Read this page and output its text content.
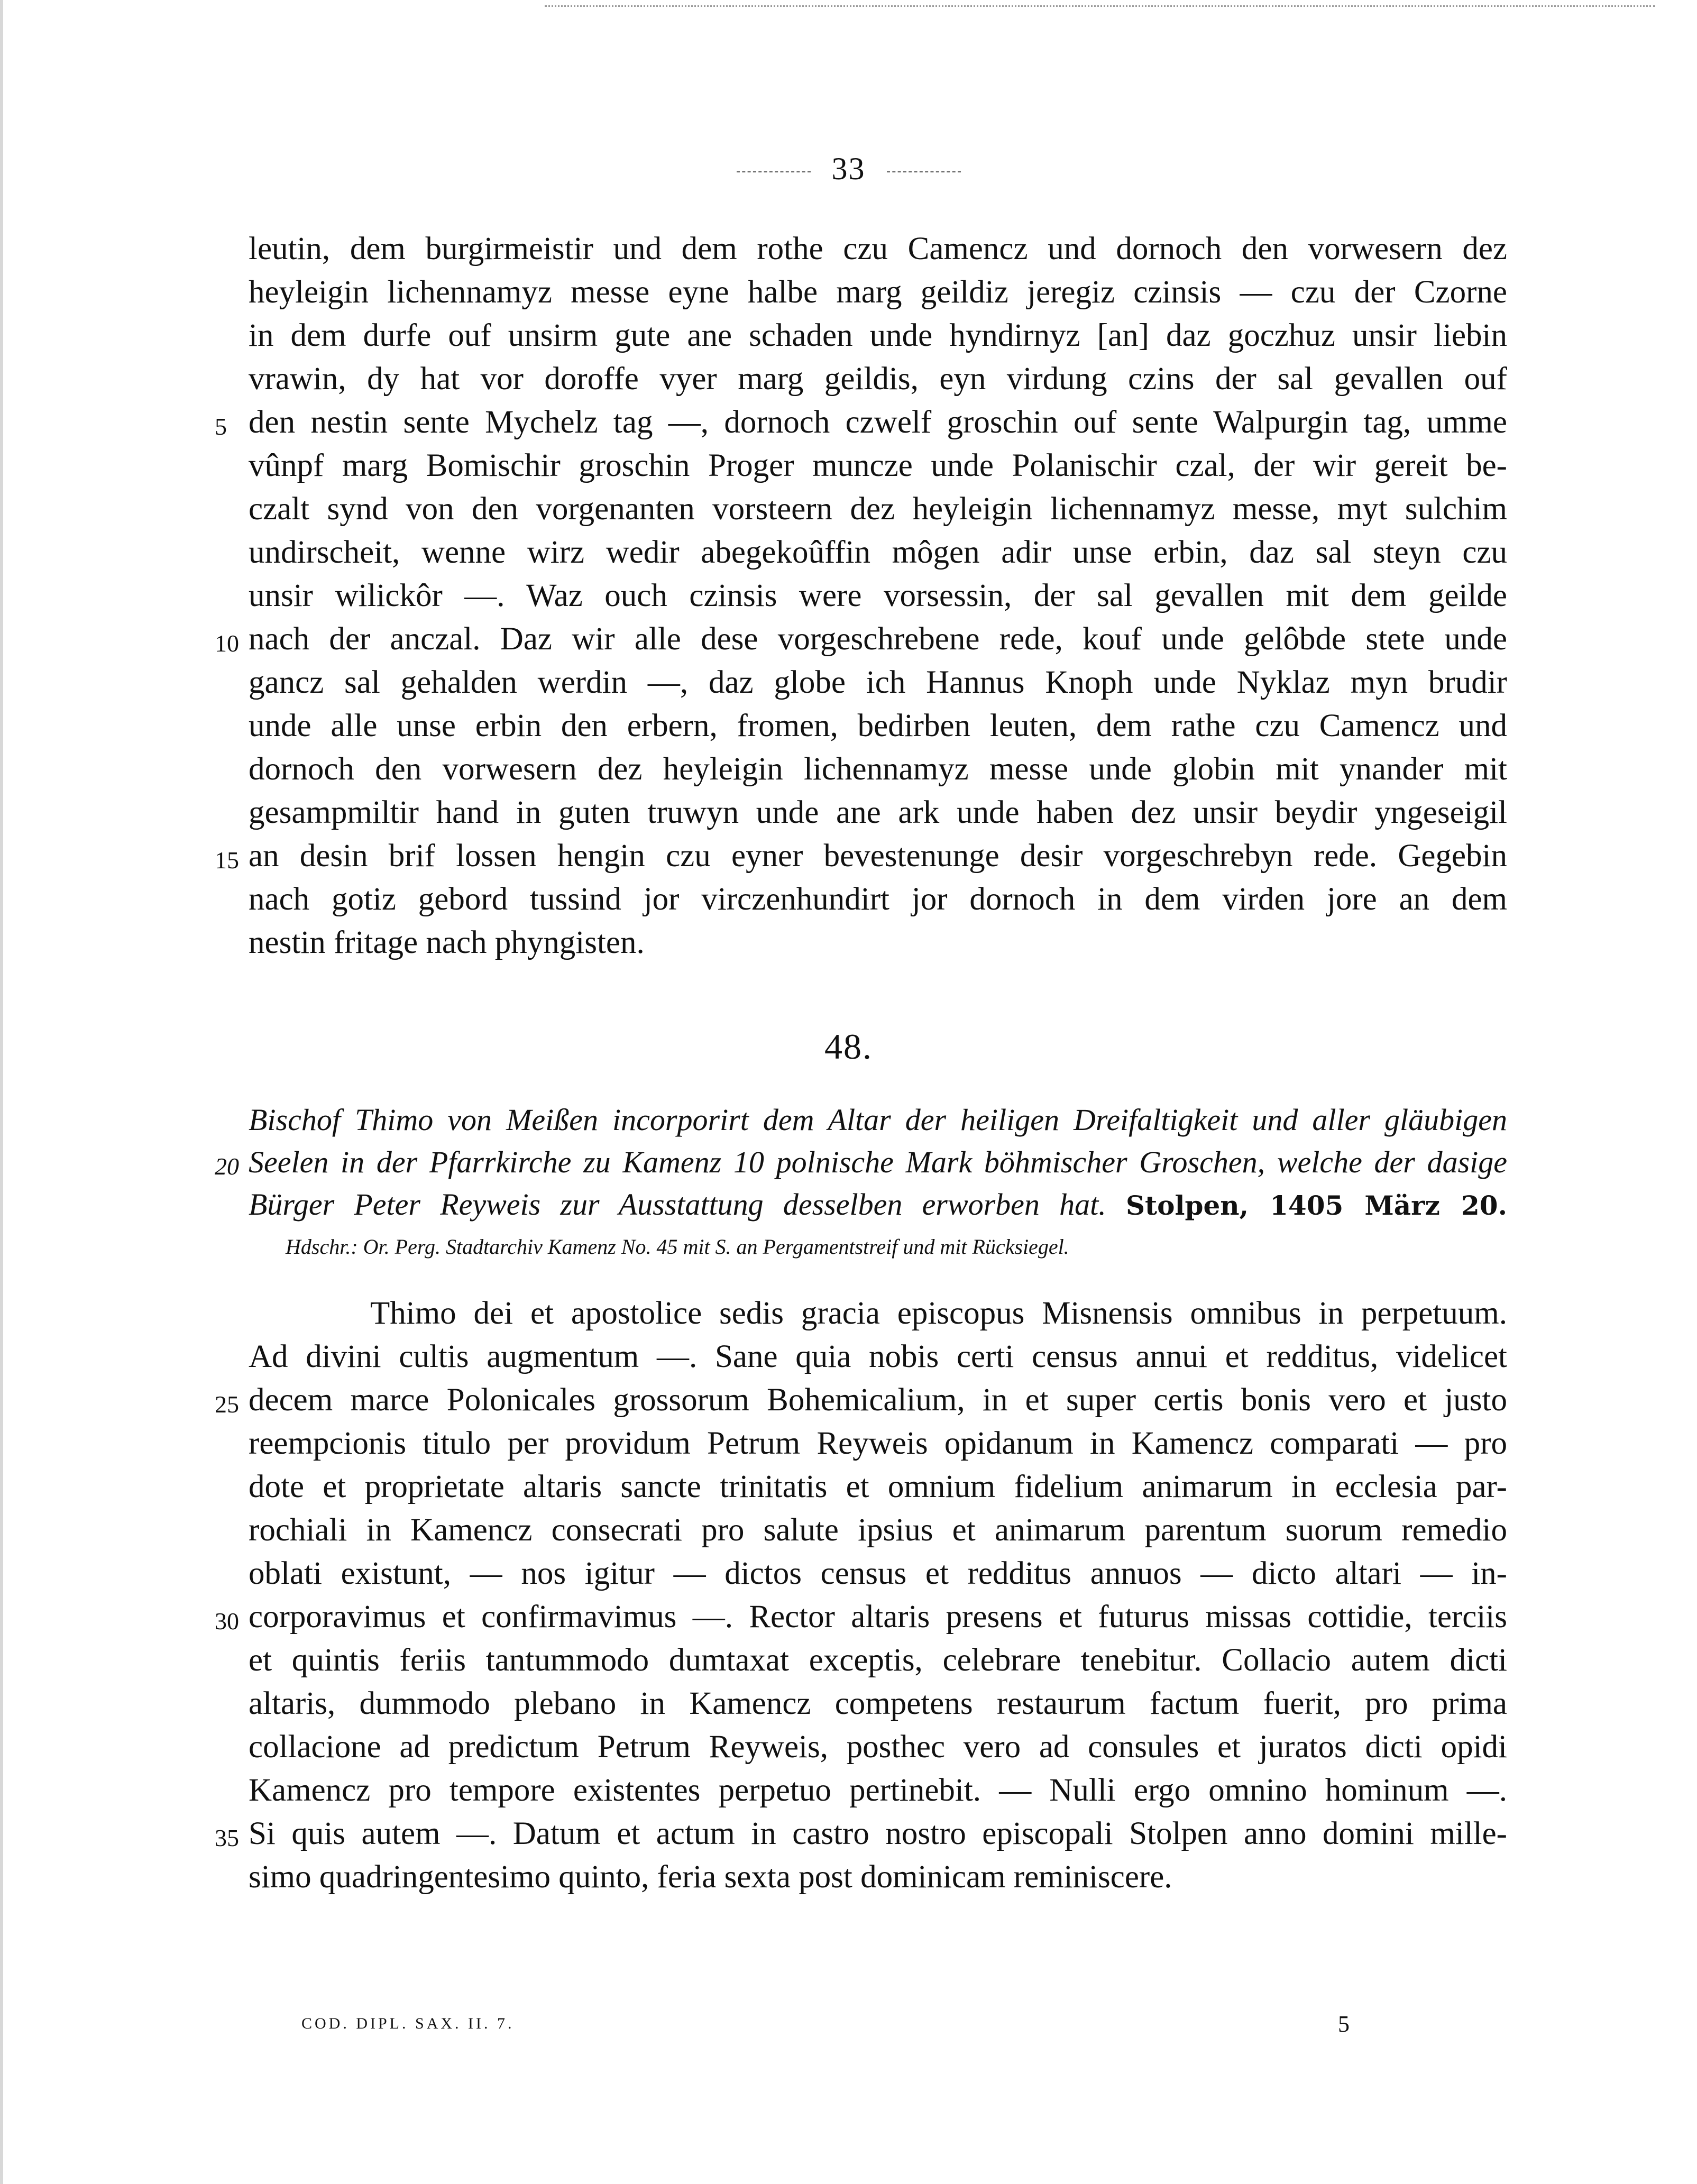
33
leutin, dem burgirmeistir und dem rothe czu Camencz und dornoch den vorwesern dez
heyleigin lichennamyz messe eyne halbe marg geildiz jeregiz czinsis — czu der Czorne
in dem durfe ouf unsirm gute ane schaden unde hyndirnyz [an] daz goczhuz unsir liebin
vrawin, dy hat vor doroffe vyer marg geildis, eyn virdung czins der sal gevallen ouf
5 den nestin sente Mychelz tag —, dornoch czwelf groschin ouf sente Walpurgin tag, umme
vûnpf marg Bomischir groschin Proger muncze unde Polanischir czal, der wir gereit be-
czalt synd von den vorgenanten vorsteern dez heyleigin lichennamyz messe, myt sulchim
undirscheit, wenne wirz wedir abegekoûffin môgen adir unse erbin, daz sal steyn czu
unsir wilickôr —. Waz ouch czinsis were vorsessin, der sal gevallen mit dem geilde
10 nach der anczal. Daz wir alle dese vorgeschrebene rede, kouf unde gelôbde stete unde
gancz sal gehalden werdin —, daz globe ich Hannus Knoph unde Nyklaz myn brudir
unde alle unse erbin den erbern, fromen, bedirben leuten, dem rathe czu Camencz und
dornoch den vorwesern dez heyleigin lichennamyz messe unde globin mit ynander mit
gesampmiltir hand in guten truwyn unde ane ark unde haben dez unsir beydir yngeseigil
15 an desin brif lossen hengin czu eyner bevestenunge desir vorgeschrebyn rede. Gegebin
nach gotiz gebord tussind jor virczenhundirt jor dornoch in dem virden jore an dem
nestin fritage nach phyngisten.
48.
Bischof Thimo von Meißen incorporirt dem Altar der heiligen Dreifaltigkeit und aller gläubigen
20 Seelen in der Pfarrkirche zu Kamenz 10 polnische Mark böhmischer Groschen, welche der dasige
Bürger Peter Reyweis zur Ausstattung desselben erworben hat. Stolpen, 1405 März 20.
Hdschr.: Or. Perg. Stadtarchiv Kamenz No. 45 mit S. an Pergamentstreif und mit Rücksiegel.
Thimo dei et apostolice sedis gracia episcopus Misnensis omnibus in perpetuum.
Ad divini cultis augmentum —. Sane quia nobis certi census annui et redditus, videlicet
25 decem marce Polonicales grossorum Bohemicalium, in et super certis bonis vero et justo
reempcionis titulo per providum Petrum Reyweis opidanum in Kamencz comparati — pro
dote et proprietate altaris sancte trinitatis et omnium fidelium animarum in ecclesia par-
rochiali in Kamencz consecrati pro salute ipsius et animarum parentum suorum remedio
oblati existunt, — nos igitur — dictos census et redditus annuos — dicto altari — in-
30 corporavimus et confirmavimus —. Rector altaris presens et futurus missas cottidie, terciis
et quintis feriis tantummodo dumtaxat exceptis, celebrare tenebitur. Collacio autem dicti
altaris, dummodo plebano in Kamencz competens restaurum factum fuerit, pro prima
collacione ad predictum Petrum Reyweis, posthec vero ad consules et juratos dicti opidi
Kamencz pro tempore existentes perpetuo pertinebit. — Nulli ergo omnino hominum —.
35 Si quis autem —. Datum et actum in castro nostro episcopali Stolpen anno domini mille-
simo quadringentesimo quinto, feria sexta post dominicam reminiscere.
COD. DIPL. SAX. II. 7.	5
